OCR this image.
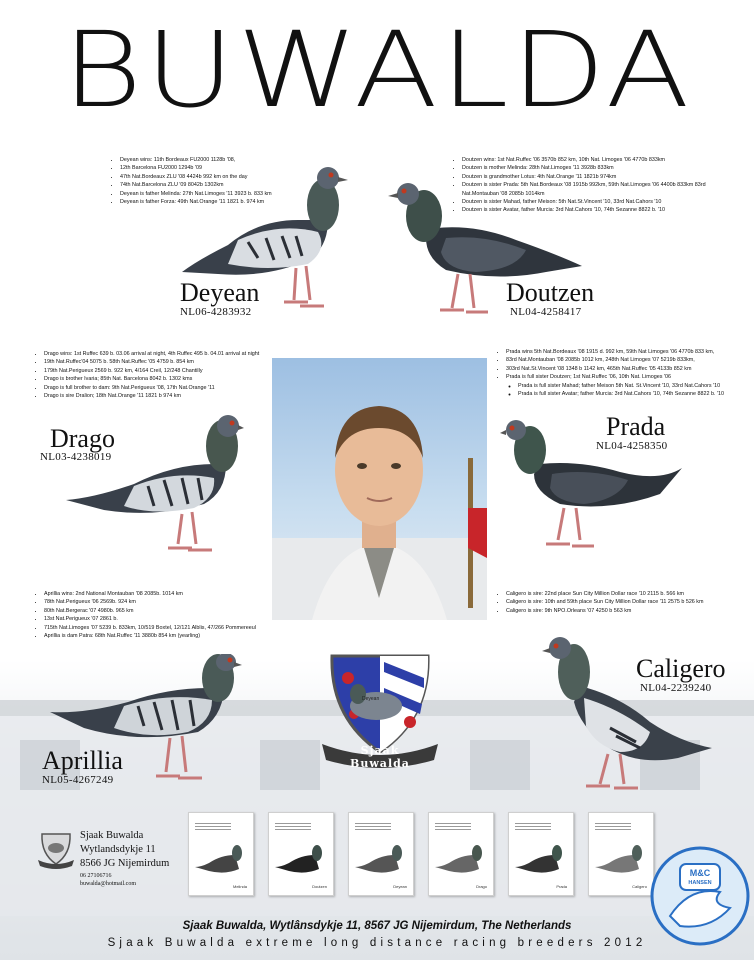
BUWALDA
• Deyean wins: 11th Bordeaux FU2000 1128b '08,
• 12th Barcelona FU2000 1294b '09
• 47th Nat.Bordeaux ZLU '08 4424b 992 km on the day
• 74th Nat.Barcelona ZLU '09 8042b 1302km
• Deyean is father Melinda: 27th Nat.Limoges '11 3923 b. 833 km
• Deyean is father Forza: 49th Nat.Orange '11 1821 b. 974 km
Deyean
NL06-4283932
• Doutzen wins: 1st Nat.Ruffec '06 3570b 852 km, 10th Nat. Limoges '06 4770b 833km
• Doutzen is mother Melinda: 28th Nat.Limoges '11 3928b 833km
• Doutzen is grandmother Lotus: 4th Nat.Orange '11 1821b 974km
• Doutzen is sister Prada: 5th Nat.Bordeaux '08 1915b 992km, 59th Nat.Limoges '06 4400b 833km 83rd Nat.Montauban '08 2085b 1014km
• Doutzen is sister Mahad, father Meison: 5th Nat.St.Vincent '10, 33rd Nat.Cahors '10
• Doutzen is sister Avatar, father Murcia: 3rd Nat.Cahors '10, 74th Sezanne 8822 b. '10
Doutzen
NL04-4258417
• Drago wins: 1st Ruffec 639 b. 03.06 arrival at night, 4th Ruffec 495 b. 04.01 arrival at night
• 19th Nat.Ruffec'04 5075 b. 58th Nat.Ruffec '05 4759 b. 854 km
• 179th Nat.Perigueux 2569 b. 922 km, 4/164 Creil, 12/248 Chantilly
• Drago is brother Ivaria; 85th Nat. Barcelona 8042 b. 1302 kms
• Drago is full brother to dam: 9th Nat.Perigueux '08, 17th Nat.Orange '11
• Drago is sire Dralion; 18th Nat.Orange '11 1821 b 974 km
Drago
NL03-4238019
• Prada wins 5th Nat.Bordeaux '08 1915 d. 992 km, 59th Nat Limoges '06 4770b 833 km,
• 83rd Nat.Montauban '08 2085b 1012 km, 248th Nat Limoges '07 5219b 833km,
• 303rd Nat.St.Vincent '08 1348 b 1142 km, 465th Nat.Ruffec '05 4133b 852 km
• Prada is full sister Doutzen; 1st Nat.Ruffec '06, 10th Nat. Limoges '06
◦ Prada is full sister Mahad; father Meison 5th Nat. St.Vincent '10, 33rd Nat.Cahors '10
◦ Prada is full sister Avatar; father Murcia: 3rd Nat.Cahors '10, 74th Sezanne 8822 b. '10
Prada
NL04-4258350
• Aprillia wins: 2nd National Montauban '08 2085b. 1014 km
• 78th Nat.Perigueux '06 2569b. 924 km
• 80th Nat.Bergerac '07 4980b. 965 km
• 13st Nat.Perigueux '07 2861 b.
• 715th Nat.Limoges '07 5239 b. 833km, 10/519 Boxtel, 12/121 Alblis, 47/266 Pommereeul
• Aprillia is dam Patra: 68th Nat.Ruffec '11 3880b 854 km (yearling)
Aprillia
NL05-4267249
Deyean
Sjaak Buwalda
• Caligero is sire: 22nd place Sun City Million Dollar race '10 2115 b. 566 km
• Caligero is sire: 10th and 59th place Sun City Million Dollar race '11 2575 b 526 km
• Caligero is sire: 9th NPO.Orleans '07 4250 b 563 km
Caligero
NL04-2239240
Sjaak Buwalda
Wytlandsdykje 11
8566 JG Nijemirdum
06 27106716
buwalda@hotmail.com	Melinda	Doutzen	Deyean	Drago	Prada	Caligero
M&C
HANSEN
Sjaak Buwalda, Wytlânsdykje 11, 8567 JG Nijemirdum, The Netherlands
Sjaak Buwalda extreme long distance racing breeders 2012
